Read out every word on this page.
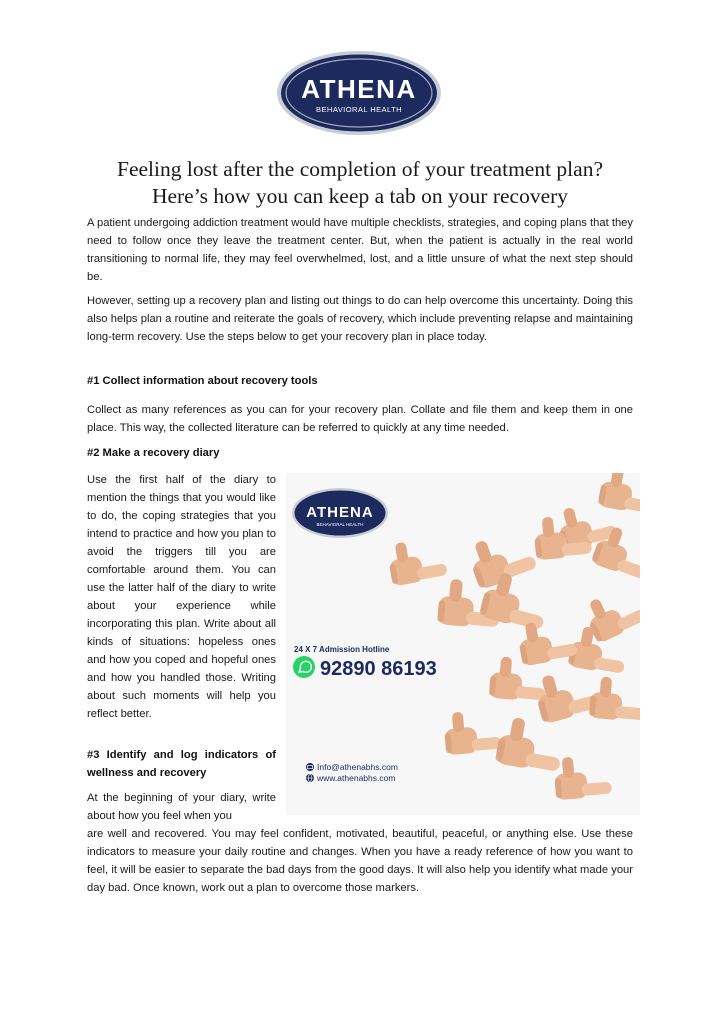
ATHENA
BEHAVIORAL HEALTH
Feeling lost after the completion of your treatment plan?
Here’s how you can keep a tab on your recovery

A patient undergoing addiction treatment would have multiple checklists, strategies, and coping plans that they need to follow once they leave the treatment center. But, when the patient is actually in the real world transitioning to normal life, they may feel overwhelmed, lost, and a little unsure of what the next step should be.

However, setting up a recovery plan and listing out things to do can help overcome this uncertainty. Doing this also helps plan a routine and reiterate the goals of recovery, which include preventing relapse and maintaining long-term recovery. Use the steps below to get your recovery plan in place today.

#1 Collect information about recovery tools

Collect as many references as you can for your recovery plan. Collate and file them and keep them in one place. This way, the collected literature can be referred to quickly at any time needed.

#2 Make a recovery diary

Use the first half of the diary to mention the things that you would like to do, the coping strategies that you intend to practice and how you plan to avoid the triggers till you are comfortable around them. You can use the latter half of the diary to write about your experience while incorporating this plan. Write about all kinds of situations: hopeless ones and how you coped and hopeful ones and how you handled those. Writing about such moments will help you reflect better.

#3 Identify and log indicators of wellness and recovery

At the beginning of your diary, write about how you feel when you

are well and recovered. You may feel confident, motivated, beautiful, peaceful, or anything else. Use these indicators to measure your daily routine and changes. When you have a ready reference of how you want to feel, it will be easier to separate the bad days from the good days. It will also help you identify what made your day bad. Once known, work out a plan to overcome those markers.

ATHENA
BEHAVIORAL HEALTH
24 X 7 Admission Hotline
92890 86193
Info@athenabhs.com
www.athenabhs.com
